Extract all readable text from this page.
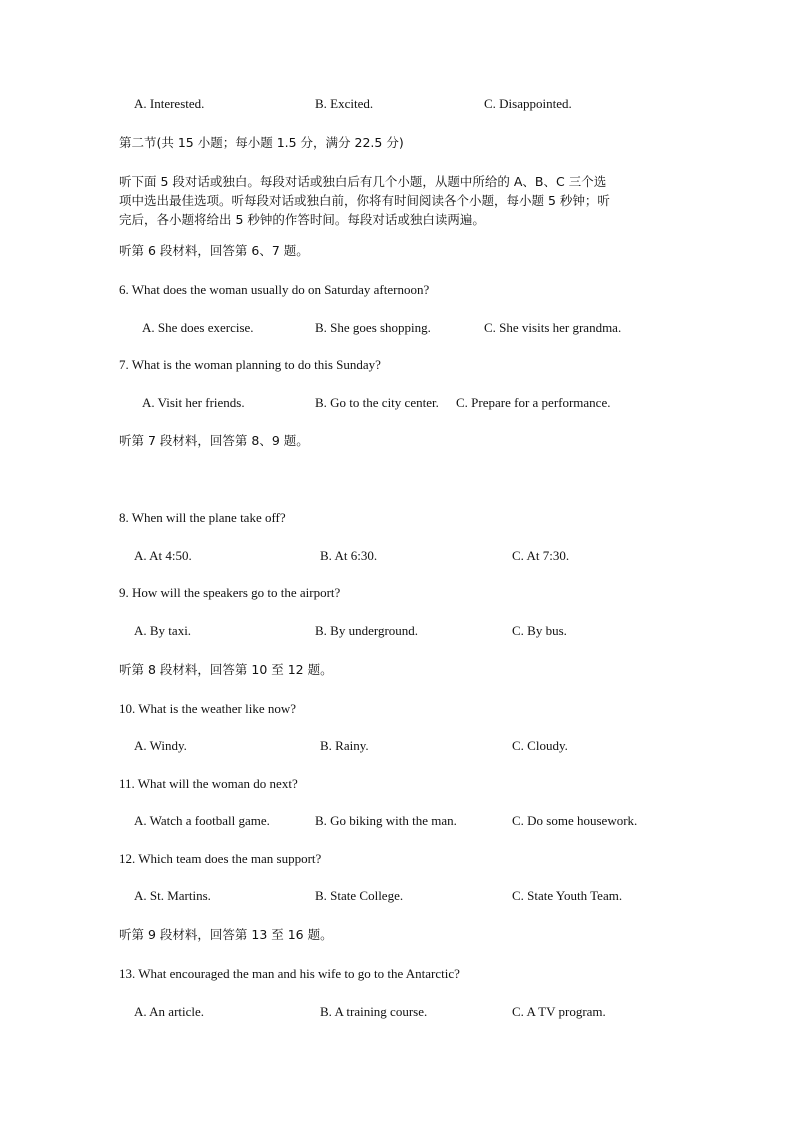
A. Interested.	B. Excited.	C. Disappointed.
第二节(共 15 小题；每小题 1.5 分，满分 22.5 分)
听下面 5 段对话或独白。每段对话或独白后有几个小题，从题中所给的 A、B、C 三个选
项中选出最佳选项。听每段对话或独白前，你将有时间阅读各个小题，每小题 5 秒钟；听
完后，各小题将给出 5 秒钟的作答时间。每段对话或独白读两遍。
听第 6 段材料，回答第 6、7 题。
6. What does the woman usually do on Saturday afternoon?
A. She does exercise.	B. She goes shopping.	C. She visits her grandma.
7. What is the woman planning to do this Sunday?
A. Visit her friends.	B. Go to the city center. C. Prepare for a performance.
听第 7 段材料，回答第 8、9 题。
8. When will the plane take off?
A. At 4:50.	B. At 6:30.	C. At 7:30.
9. How will the speakers go to the airport?
A. By taxi.	B. By underground.	C. By bus.
听第 8 段材料，回答第 10 至 12 题。
10. What is the weather like now?
A. Windy.	B. Rainy.	C. Cloudy.
11. What will the woman do next?
A. Watch a football game.	B. Go biking with the man.	C. Do some housework.
12. Which team does the man support?
A. St. Martins.	B. State College.	C. State Youth Team.
听第 9 段材料，回答第 13 至 16 题。
13. What encouraged the man and his wife to go to the Antarctic?
A. An article.	B. A training course.	C. A TV program.
